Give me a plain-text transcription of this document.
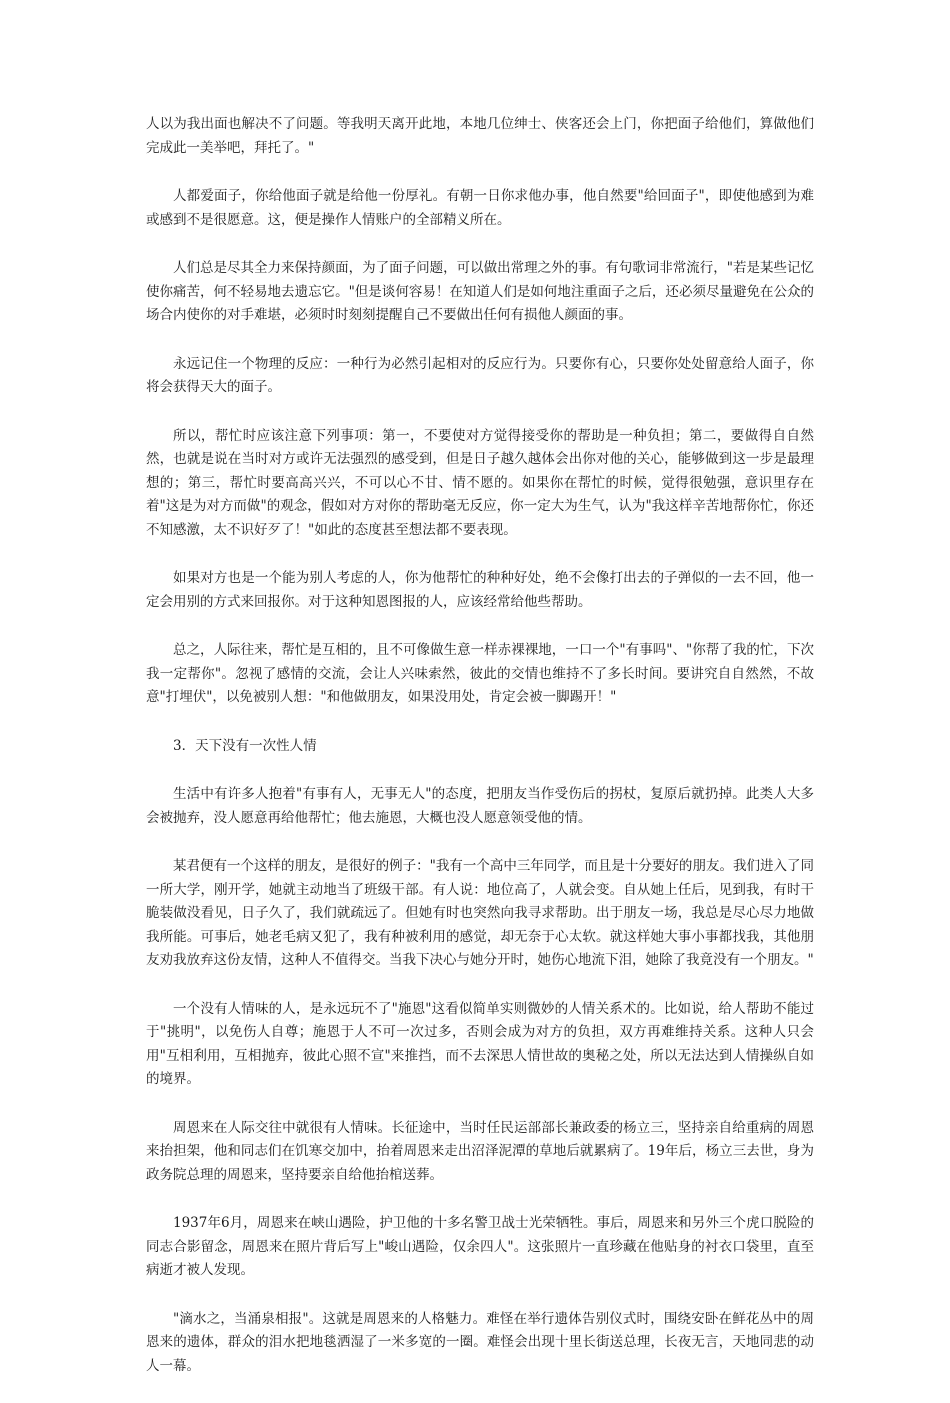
人以为我出面也解决不了问题。等我明天离开此地，本地几位绅士、侠客还会上门，你把面子给他们，算做他们完成此一美举吧，拜托了。"

人都爱面子，你给他面子就是给他一份厚礼。有朝一日你求他办事，他自然要"给回面子"，即使他感到为难或感到不是很愿意。这，便是操作人情账户的全部精义所在。

人们总是尽其全力来保持颜面，为了面子问题，可以做出常理之外的事。有句歌词非常流行，"若是某些记忆使你痛苦，何不轻易地去遗忘它。"但是谈何容易！在知道人们是如何地注重面子之后，还必须尽量避免在公众的场合内使你的对手难堪，必须时时刻刻提醒自己不要做出任何有损他人颜面的事。

永远记住一个物理的反应：一种行为必然引起相对的反应行为。只要你有心，只要你处处留意给人面子，你将会获得天大的面子。

所以，帮忙时应该注意下列事项：第一，不要使对方觉得接受你的帮助是一种负担；第二，要做得自自然然，也就是说在当时对方或许无法强烈的感受到，但是日子越久越体会出你对他的关心，能够做到这一步是最理想的；第三，帮忙时要高高兴兴，不可以心不甘、情不愿的。如果你在帮忙的时候，觉得很勉强，意识里存在着"这是为对方而做"的观念，假如对方对你的帮助毫无反应，你一定大为生气，认为"我这样辛苦地帮你忙，你还不知感激，太不识好歹了！"如此的态度甚至想法都不要表现。

如果对方也是一个能为别人考虑的人，你为他帮忙的种种好处，绝不会像打出去的子弹似的一去不回，他一定会用别的方式来回报你。对于这种知恩图报的人，应该经常给他些帮助。

总之，人际往来，帮忙是互相的，且不可像做生意一样赤裸裸地，一口一个"有事吗"、"你帮了我的忙，下次我一定帮你"。忽视了感情的交流，会让人兴味索然，彼此的交情也维持不了多长时间。要讲究自自然然，不故意"打埋伏"，以免被别人想："和他做朋友，如果没用处，肯定会被一脚踢开！"

3．天下没有一次性人情

生活中有许多人抱着"有事有人，无事无人"的态度，把朋友当作受伤后的拐杖，复原后就扔掉。此类人大多会被抛弃，没人愿意再给他帮忙；他去施恩，大概也没人愿意领受他的情。

某君便有一个这样的朋友，是很好的例子："我有一个高中三年同学，而且是十分要好的朋友。我们进入了同一所大学，刚开学，她就主动地当了班级干部。有人说：地位高了，人就会变。自从她上任后，见到我，有时干脆装做没看见，日子久了，我们就疏远了。但她有时也突然向我寻求帮助。出于朋友一场，我总是尽心尽力地做我所能。可事后，她老毛病又犯了，我有种被利用的感觉，却无奈于心太软。就这样她大事小事都找我，其他朋友劝我放弃这份友情，这种人不值得交。当我下决心与她分开时，她伤心地流下泪，她除了我竟没有一个朋友。"

一个没有人情味的人，是永远玩不了"施恩"这看似简单实则微妙的人情关系术的。比如说，给人帮助不能过于"挑明"，以免伤人自尊；施恩于人不可一次过多，否则会成为对方的负担，双方再难维持关系。这种人只会用"互相利用，互相抛弃，彼此心照不宣"来推挡，而不去深思人情世故的奥秘之处，所以无法达到人情操纵自如的境界。

周恩来在人际交往中就很有人情味。长征途中，当时任民运部部长兼政委的杨立三，坚持亲自给重病的周恩来抬担架，他和同志们在饥寒交加中，抬着周恩来走出沼泽泥潭的草地后就累病了。19年后，杨立三去世，身为政务院总理的周恩来，坚持要亲自给他抬棺送葬。

1937年6月，周恩来在峡山遇险，护卫他的十多名警卫战士光荣牺牲。事后，周恩来和另外三个虎口脱险的同志合影留念，周恩来在照片背后写上"峻山遇险，仅余四人"。这张照片一直珍藏在他贴身的衬衣口袋里，直至病逝才被人发现。

"滴水之，当涌泉相报"。这就是周恩来的人格魅力。难怪在举行遗体告别仪式时，围绕安卧在鲜花丛中的周恩来的遗体，群众的泪水把地毯洒湿了一米多宽的一圈。难怪会出现十里长街送总理，长夜无言，天地同悲的动人一幕。
